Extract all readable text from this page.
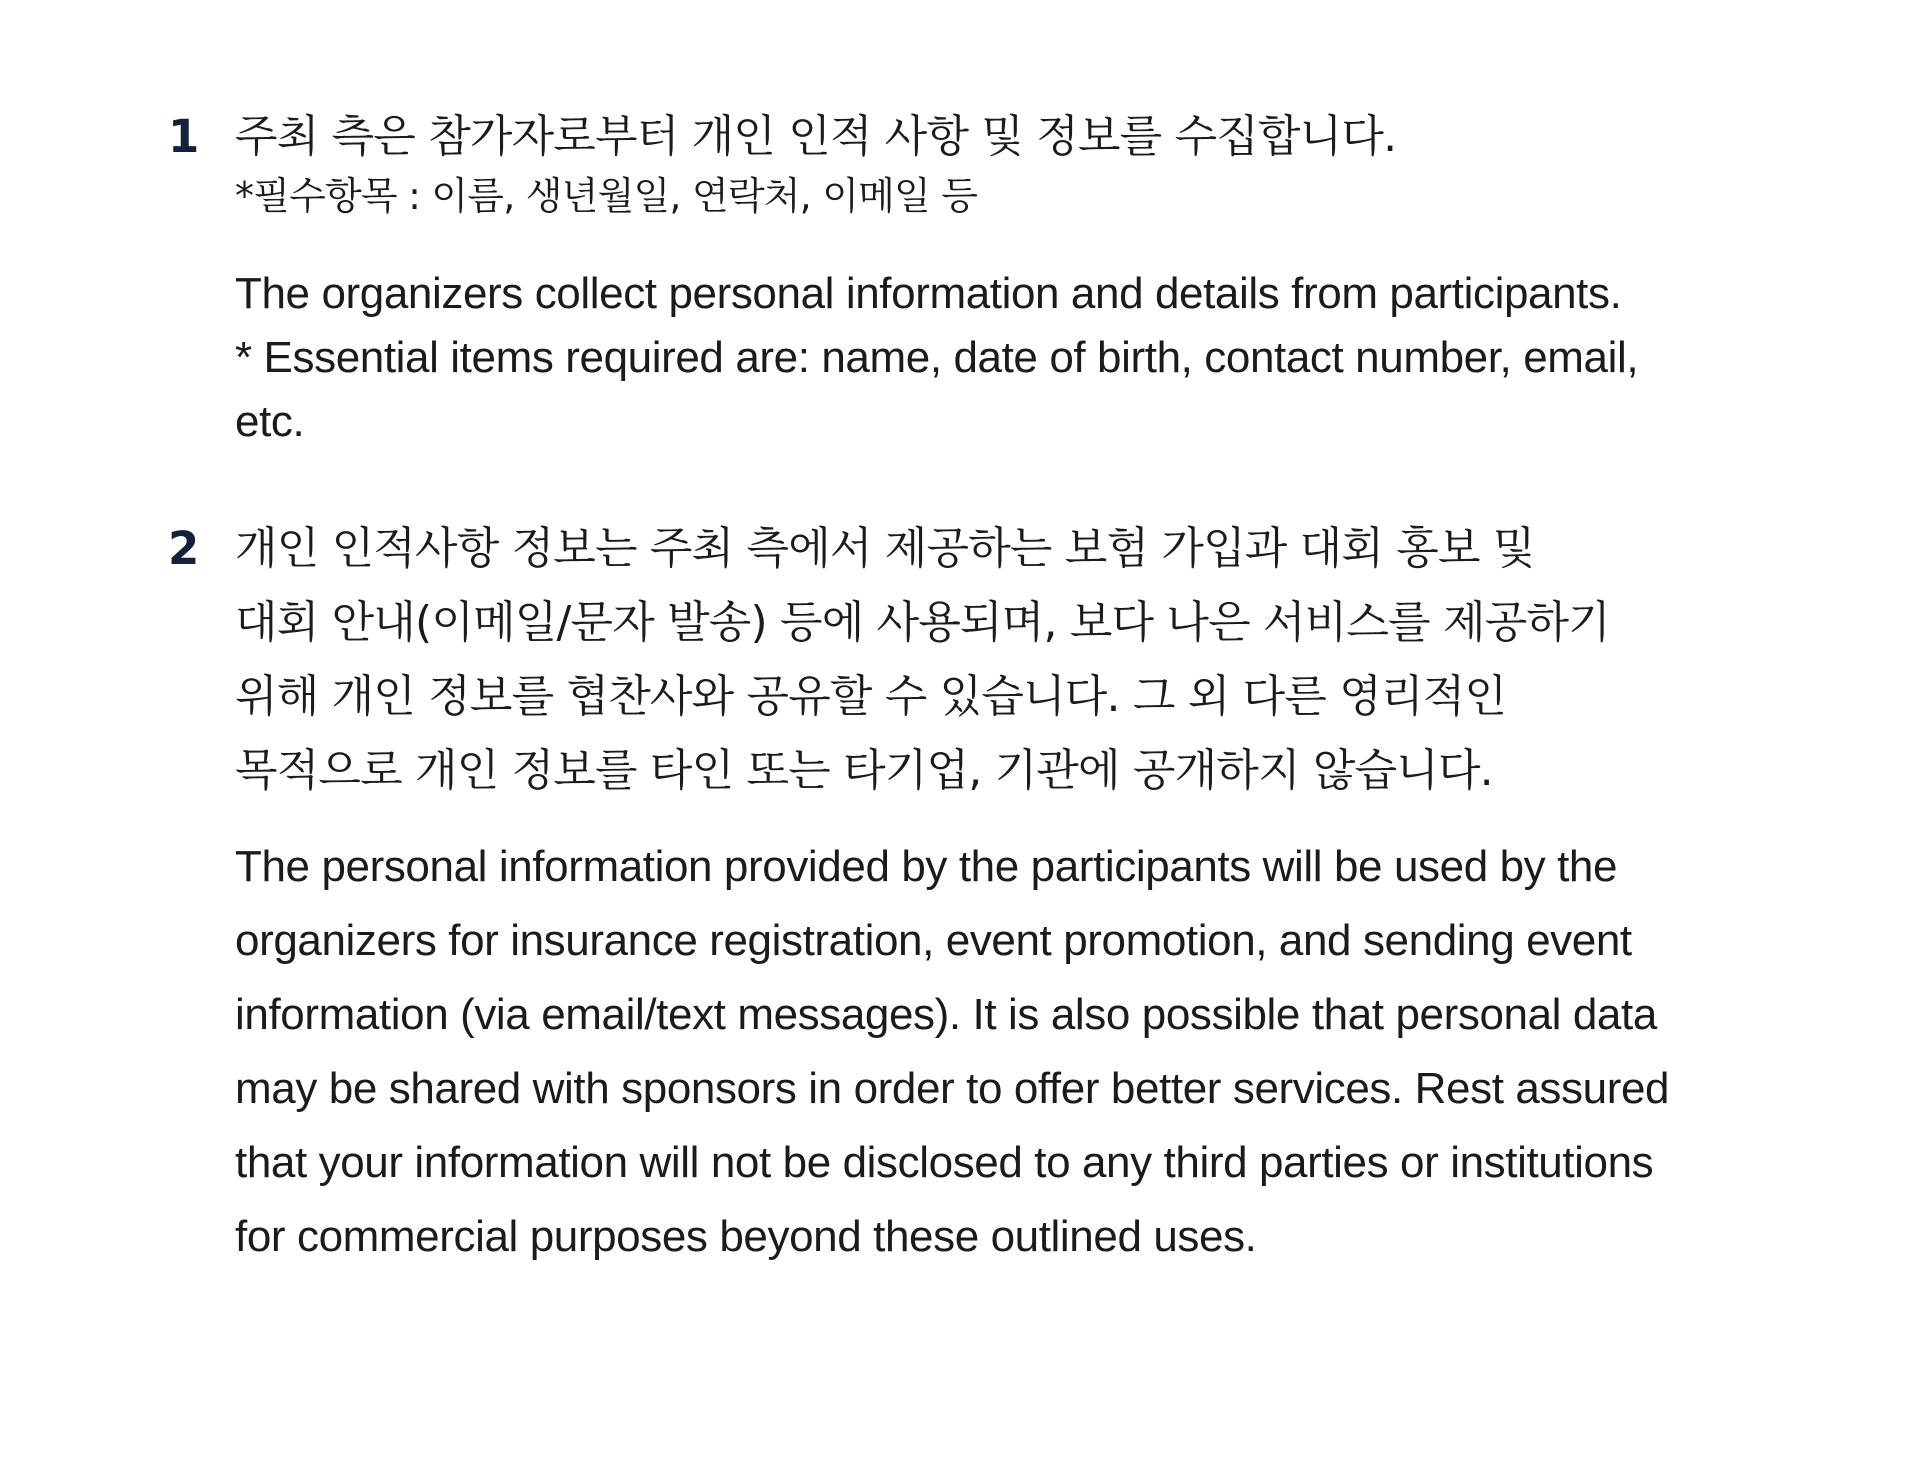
1 주최 측은 참가자로부터 개인 인적 사항 및 정보를 수집합니다.

*필수항목 : 이름, 생년월일, 연락처, 이메일 등

The organizers collect personal information and details from participants.
* Essential items required are: name, date of birth, contact number, email,
etc.

2 개인 인적사항 정보는 주최 측에서 제공하는 보험 가입과 대회 홍보 및
대회 안내(이메일/문자 발송) 등에 사용되며, 보다 나은 서비스를 제공하기
위해 개인 정보를 협찬사와 공유할 수 있습니다. 그 외 다른 영리적인
목적으로 개인 정보를 타인 또는 타기업, 기관에 공개하지 않습니다.

The personal information provided by the participants will be used by the
organizers for insurance registration, event promotion, and sending event
information (via email/text messages). It is also possible that personal data
may be shared with sponsors in order to offer better services. Rest assured
that your information will not be disclosed to any third parties or institutions
for commercial purposes beyond these outlined uses.
